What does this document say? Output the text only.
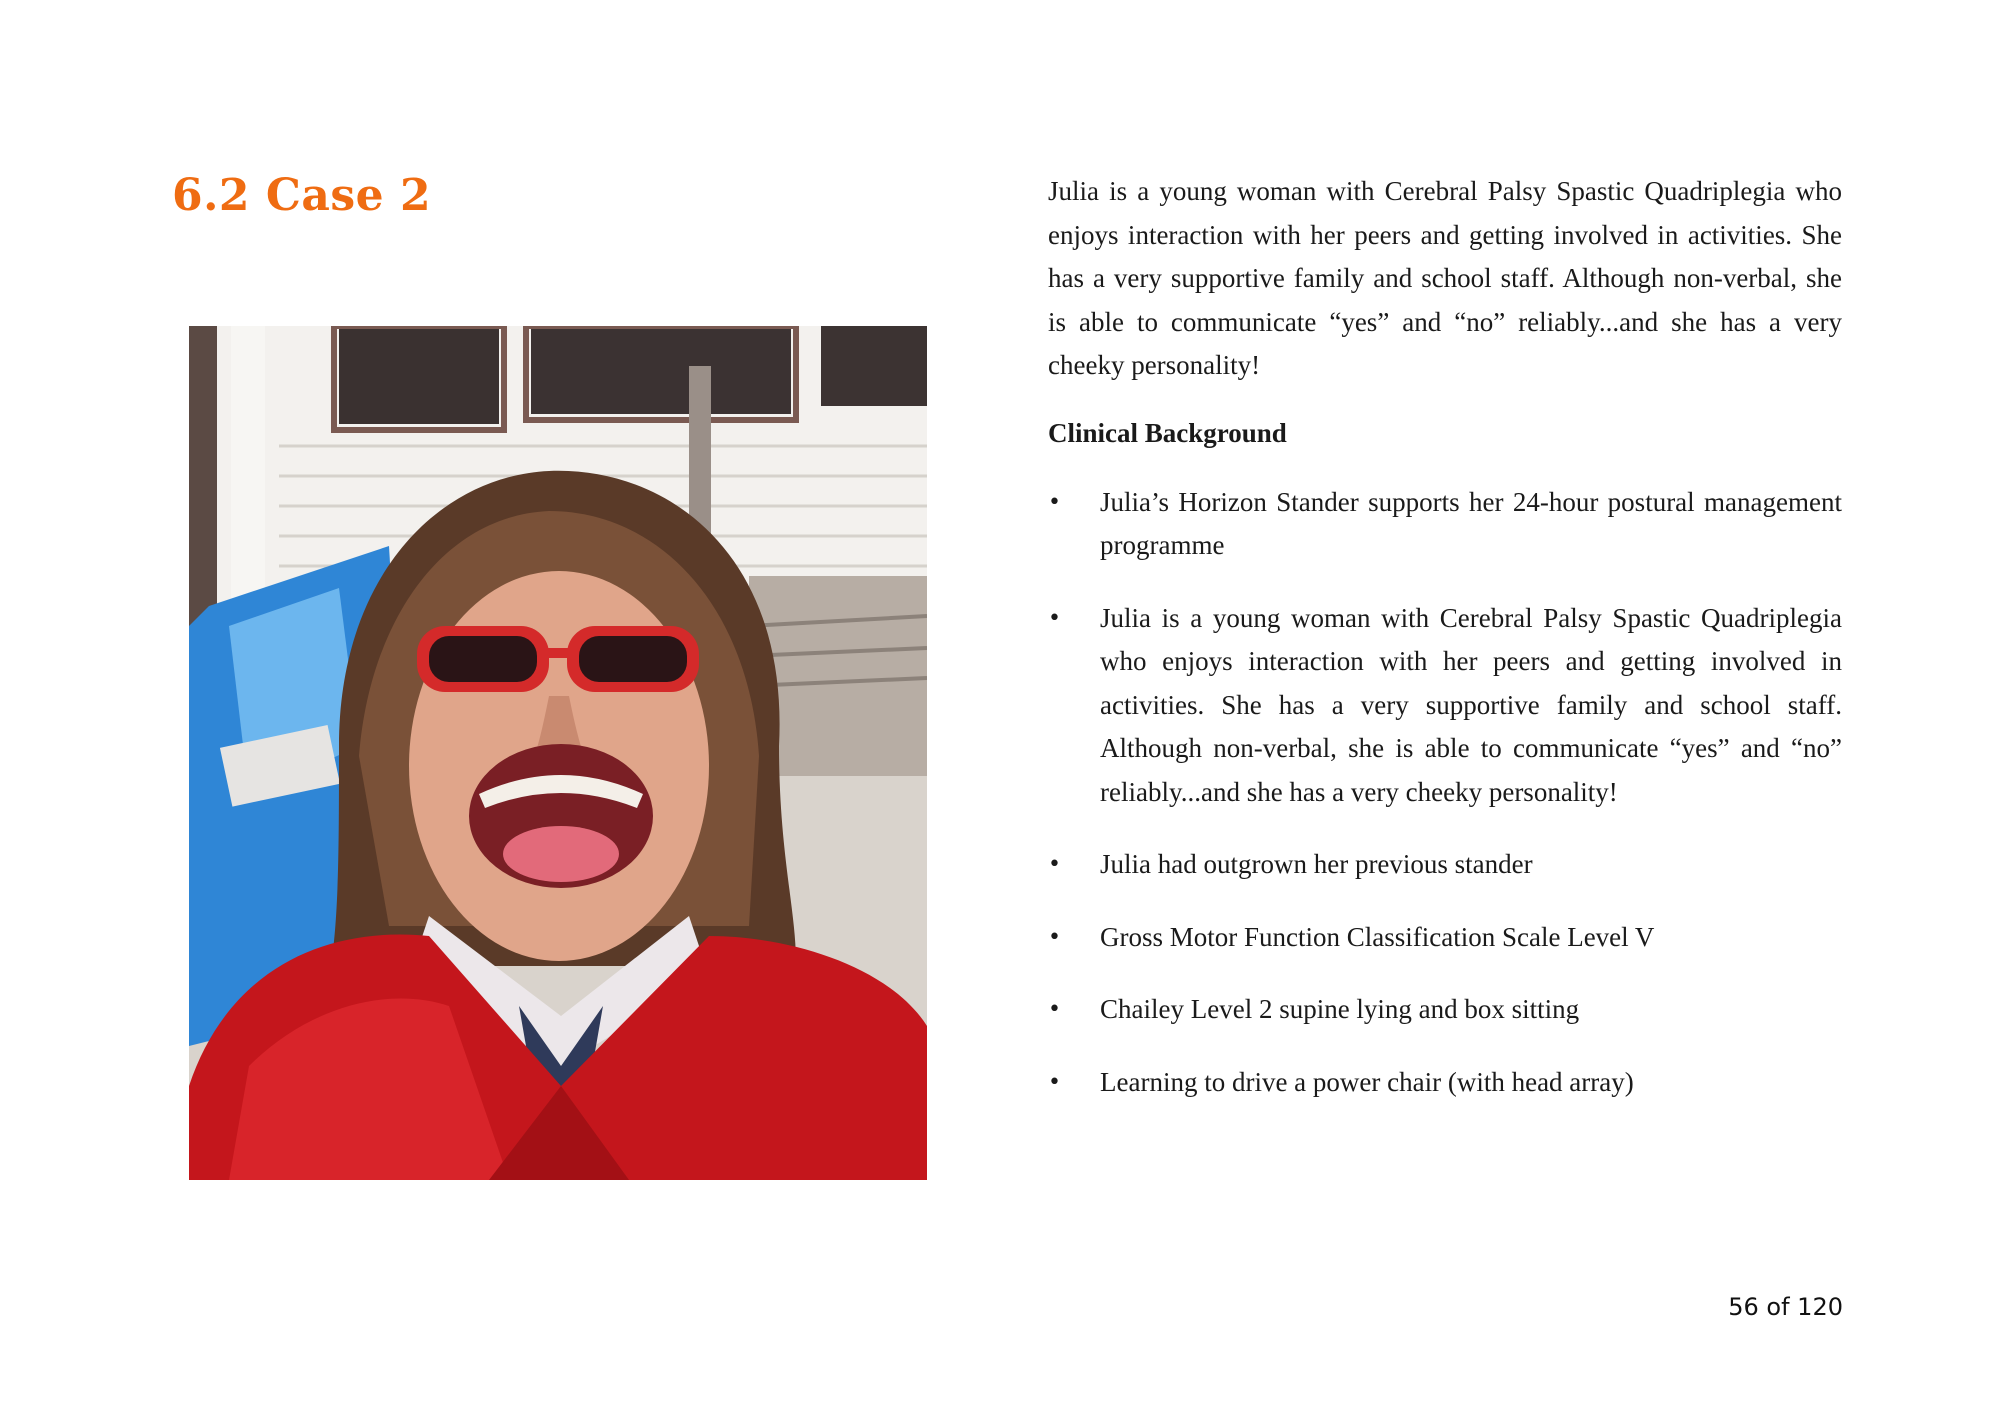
6.2 Case 2	Julia is a young woman with Cerebral Palsy Spastic Quadriplegia who enjoys interaction with her peers and getting involved in activities. She has a very supportive family and school staff. Although non-verbal, she is able to communicate “yes” and “no” reliably...and she has a very cheeky personality!

Clinical Background

• Julia’s Horizon Stander supports her 24-hour postural management programme
• Julia is a young woman with Cerebral Palsy Spastic Quadriplegia who enjoys interaction with her peers and getting involved in activities. She has a very supportive family and school staff. Although non-verbal, she is able to communicate “yes” and “no” reliably...and she has a very cheeky personality!
• Julia had outgrown her previous stander
• Gross Motor Function Classification Scale Level V
• Chailey Level 2 supine lying and box sitting
• Learning to drive a power chair (with head array)
56 of 120
